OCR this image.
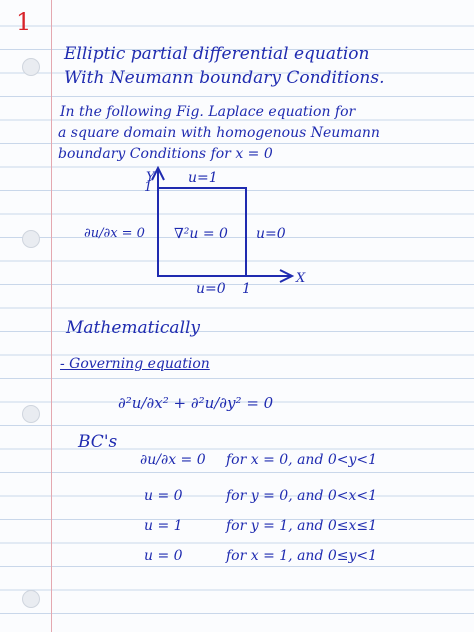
1
Elliptic partial differential equation
With Neumann boundary Conditions.
In the following Fig. Laplace equation for
a square domain with homogenous Neumann
boundary Conditions for x = 0
Y
1
X
1
u=1
u=0
u=0
∇²u = 0
∂u/∂x = 0
Mathematically
- Governing equation
∂²u/∂x² + ∂²u/∂y² = 0
BC's
∂u/∂x = 0 for x = 0, and 0<y<1
u = 0	for y = 0, and 0<x<1
u = 1	for y = 1, and 0≤x≤1
u = 0	for x = 1, and 0≤y<1
